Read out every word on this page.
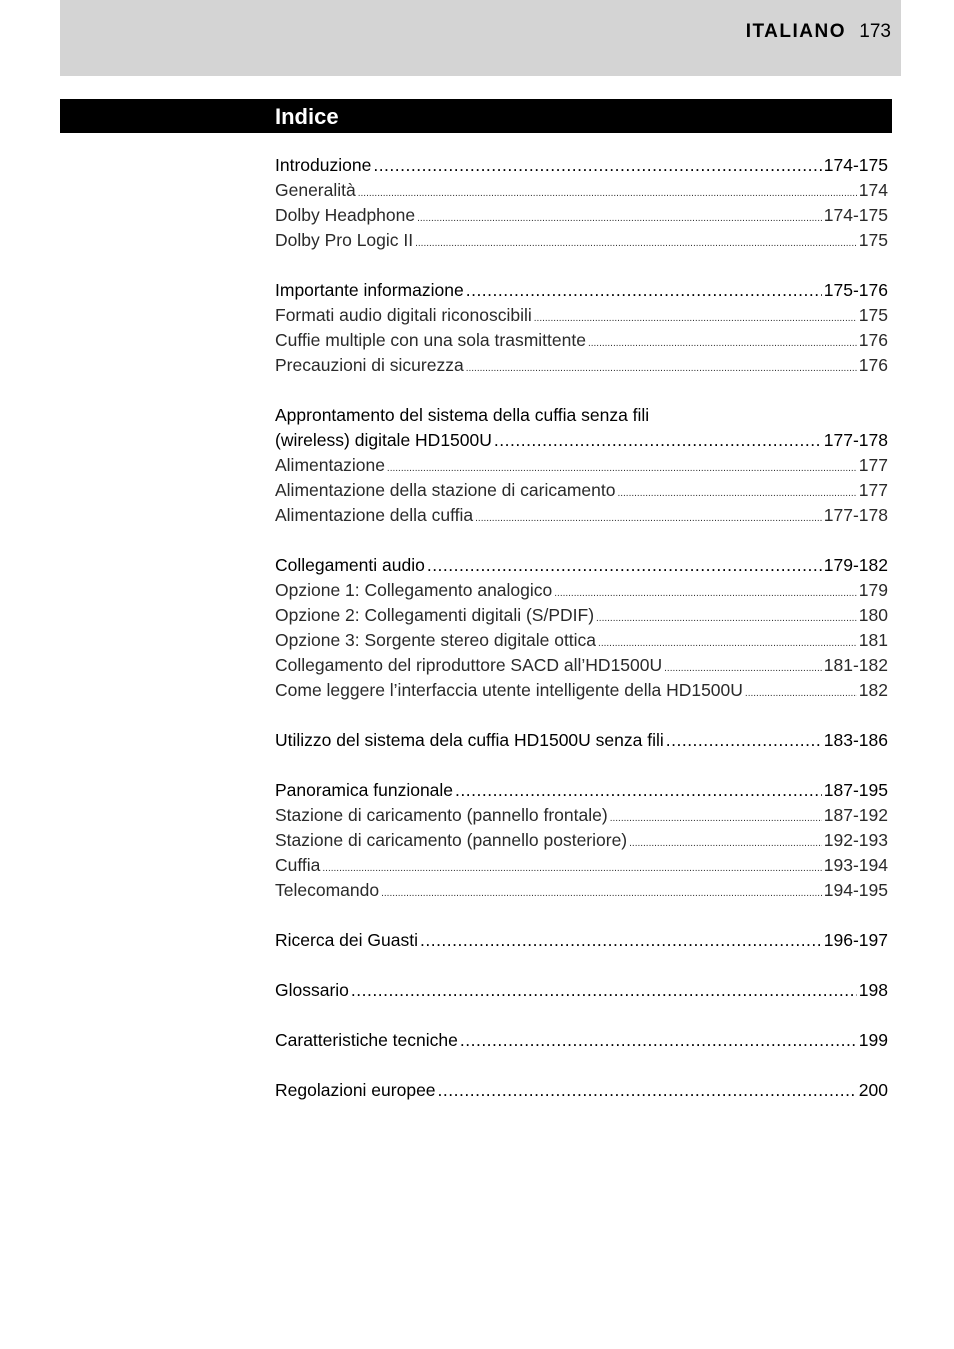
ITALIANO 173
Indice
Introduzione .....	174-175
Generalità .....	174
Dolby Headphone .....	174-175
Dolby Pro Logic II .....	175
Importante informazione .....	175-176
Formati audio digitali riconoscibili .....	175
Cuffie multiple con una sola trasmittente .....	176
Precauzioni di sicurezza .....	176
Approntamento del sistema della cuffia senza fili
(wireless) digitale HD1500U .....	177-178
Alimentazione .....	177
Alimentazione della stazione di caricamento .....	177
Alimentazione della cuffia .....	177-178
Collegamenti audio .....	179-182
Opzione 1: Collegamento analogico .....	179
Opzione 2: Collegamenti digitali (S/PDIF) .....	180
Opzione 3: Sorgente stereo digitale ottica .....	181
Collegamento del riproduttore SACD all’HD1500U .....	181-182
Come leggere l’interfaccia utente intelligente della HD1500U .....	182
Utilizzo del sistema dela cuffia HD1500U senza fili .....	183-186
Panoramica funzionale .....	187-195
Stazione di caricamento (pannello frontale) .....	187-192
Stazione di caricamento (pannello posteriore) .....	192-193
Cuffia .....	193-194
Telecomando .....	194-195
Ricerca dei Guasti .....	196-197
Glossario .....	198
Caratteristiche tecniche .....	199
Regolazioni europee .....	200
